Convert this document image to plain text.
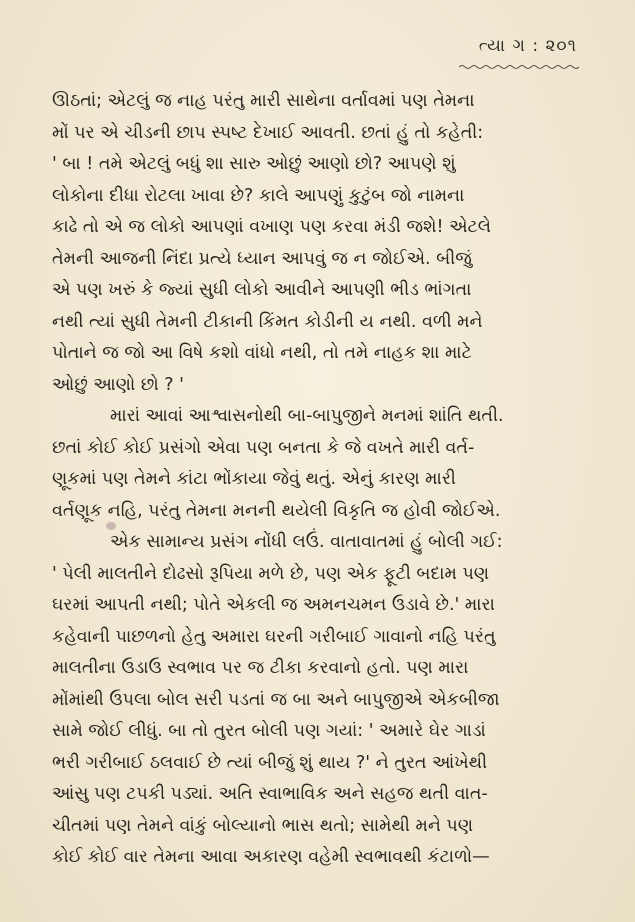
ત્યા ગ : ૨૦૧
ઊઠતાં; એટલું જ નાહ પરંતુ મારી સાથેના વર્તાવમાં પણ તેમના
મોં પર એ ચીડની છાપ સ્પષ્ટ દેખાઈ આવતી. છતાં હું તો કહેતી:
' બા ! તમે એટલું બધું શા સારુ ઓછું આણો છો? આપણે શું
લોકોના દીધા રોટલા ખાવા છે? કાલે આપણું કુટુંબ જો નામના
કાઢે તો એ જ લોકો આપણાં વખાણ પણ કરવા મંડી જશે! એટલે
તેમની આજની નિંદા પ્રત્યે ધ્યાન આપવું જ ન જોઈએ. બીજું
એ પણ ખરું કે જ્યાં સુધી લોકો આવીને આપણી ભીડ ભાંગતા
નથી ત્યાં સુધી તેમની ટીકાની કિંમત કોડીની ય નથી. વળી મને
પોતાને જ જો આ વિષે કશો વાંધો નથી, તો તમે નાહક શા માટે
ઓછું આણો છો ? '
મારાં આવાં આશ્વાસનોથી બા-બાપુજીને મનમાં શાંતિ થતી.
છતાં કોઈ કોઈ પ્રસંગો એવા પણ બનતા કે જે વખતે મારી વર્ત-
ણૂકમાં પણ તેમને કાંટા ભોંકાયા જેવું થતું. એનું કારણ મારી
વર્તણૂક નહિ, પરંતુ તેમના મનની થયેલી વિકૃતિ જ હોવી જોઈએ.
એક સામાન્ય પ્રસંગ નોંધી લઉં. વાતાવાતમાં હું બોલી ગઈ:
' પેલી માલતીને દોઢસો રૂપિયા મળે છે, પણ એક ફૂટી બદામ પણ
ઘરમાં આપતી નથી; પોતે એકલી જ અમનચમન ઉડાવે છે.' મારા
કહેવાની પાછળનો હેતુ અમારા ઘરની ગરીબાઈ ગાવાનો નહિ પરંતુ
માલતીના ઉડાઉ સ્વભાવ પર જ ટીકા કરવાનો હતો. પણ મારા
મોંમાંથી ઉપલા બોલ સરી પડતાં જ બા અને બાપુજીએ એકબીજા
સામે જોઈ લીધું. બા તો તુરત બોલી પણ ગયાં: ' અમારે ઘેર ગાડાં
ભરી ગરીબાઈ ઠલવાઈ છે ત્યાં બીજું શું થાય ?' ને તુરત આંખેથી
આંસુ પણ ટપકી પડ્યાં. અતિ સ્વાભાવિક અને સહજ થતી વાત-
ચીતમાં પણ તેમને વાંકું બોલ્યાનો ભાસ થતો; સામેથી મને પણ
કોઈ કોઈ વાર તેમના આવા અકારણ વહેમી સ્વભાવથી કંટાળો—
